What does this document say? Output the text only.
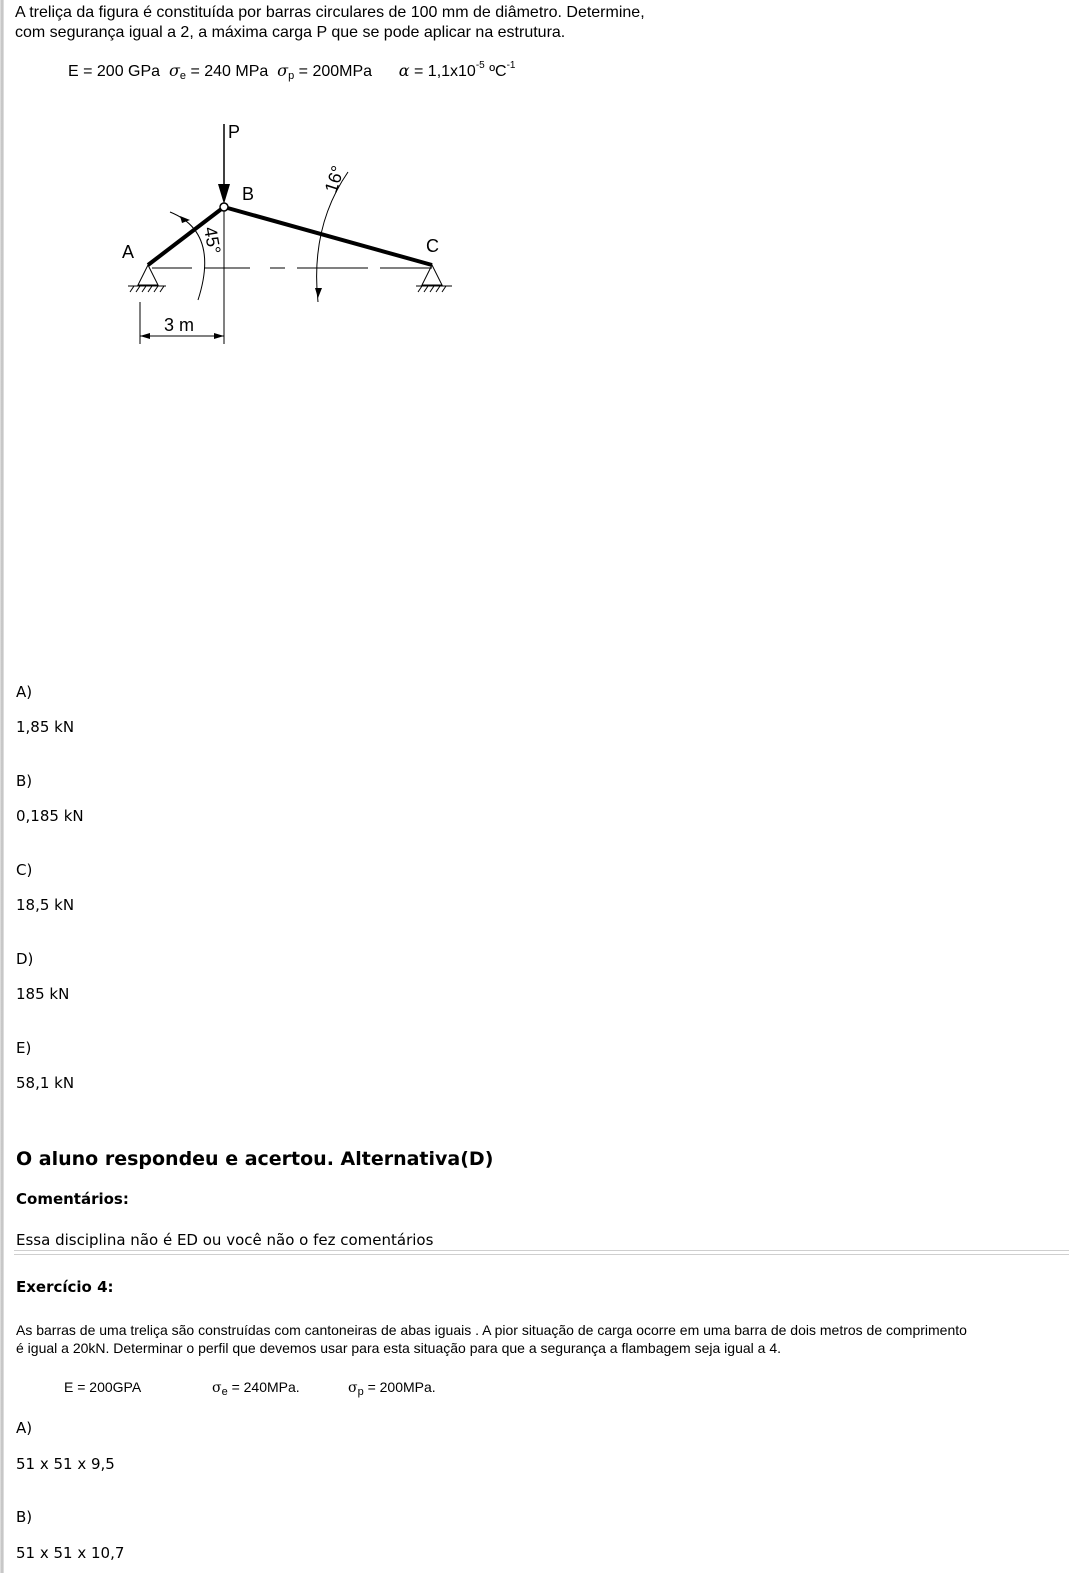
A treliça da figura é constituída por barras circulares de 100 mm de diâmetro. Determine, com segurança igual a 2, a máxima carga P que se pode aplicar na estrutura.
E = 200 GPa $\sigma_e = 240$ MPa $\sigma_p = 200MPa$ $\alpha = 1,1x10^{-5}$ ºC$^{-1}$
P
A
B
C
45°
16°
3 m
A)
1,85 kN
B)
0,185 kN
C)
18,5 kN
D)
185 kN
E)
58,1 kN
O aluno respondeu e acertou. Alternativa(D)
Comentários:
Essa disciplina não é ED ou você não o fez comentários
Exercício 4:
As barras de uma treliça são construídas com cantoneiras de abas iguais . A pior situação de carga ocorre em uma barra de dois metros de comprimento
é igual a 20kN. Determinar o perfil que devemos usar para esta situação para que a segurança a flambagem seja igual a 4.
E = 200GPA	$\sigma_e = 240MPa$.	$\sigma_p = 200MPa$.
A)
51 x 51 x 9,5
B)
51 x 51 x 10,7
